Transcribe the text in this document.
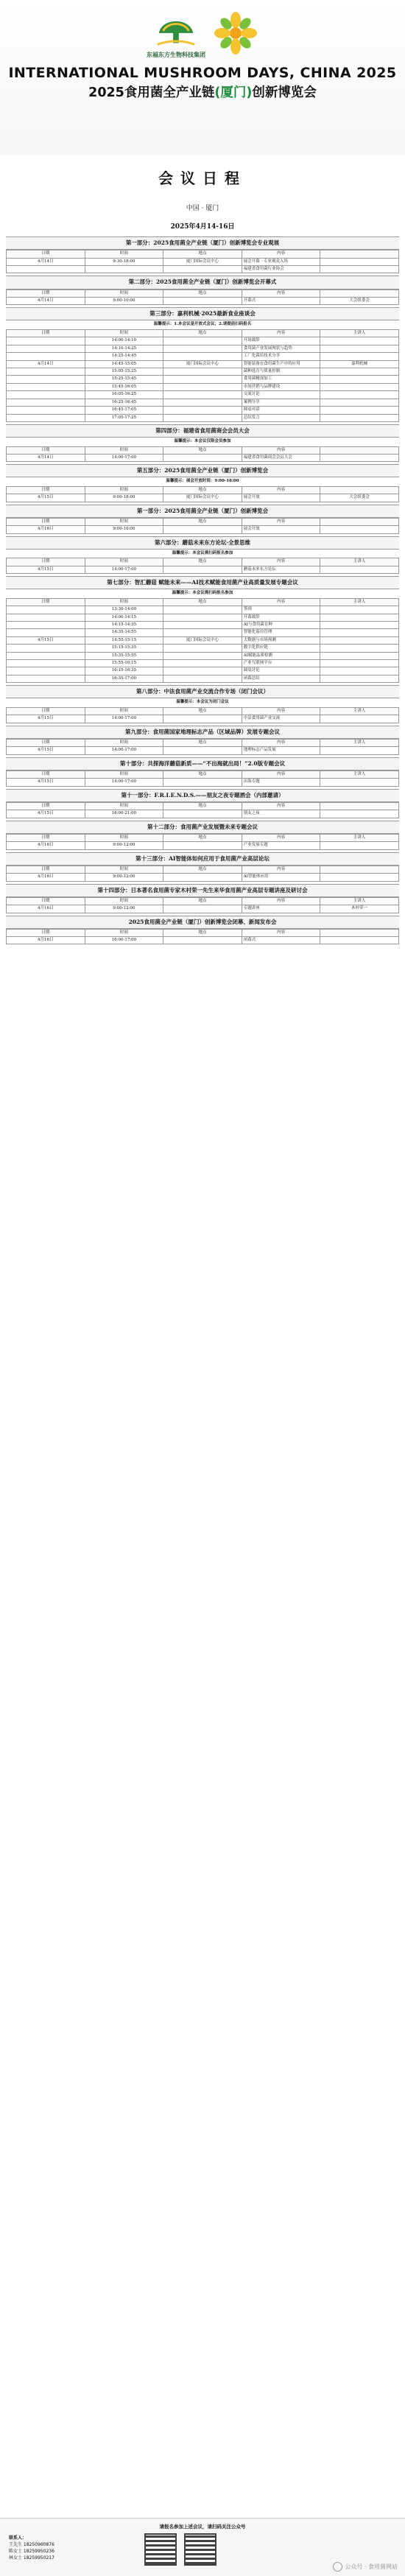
东福东方生物科技集团
INTERNATIONAL MUSHROOM DAYS, CHINA 2025
2025食用菌全产业链(厦门)创新博览会
会议日程
中国 · 厦门
2025年4月14-16日
第一部分：2025食用菌全产业链（厦门）创新博览会专业观展
日期	时间	地点	内容	
4月14日	9:30-18:00	厦门国际会议中心	展会开幕 · 专业观众入场	
			福建省食用菌行业协会	
第二部分：2025食用菌全产业链（厦门）创新博览会开幕式
日期	时间	地点	内容	
4月14日	9:00-10:00		开幕式	大会组委会
第三部分：嘉利机械·2025最新食业座谈会
温馨提示：1.本会议是开放式会议；2.请提前扫码报名
日期	时间	地点	内容	主讲人
	14:00-14:10		开场致辞	
	14:10-14:25		食用菌产业发展现状与趋势	
	14:25-14:45		工厂化栽培技术分享	
4月14日	14:45-15:05	厦门国际会议中心	智能装备在食用菌生产中的应用	嘉利机械
	15:05-15:25		菌种选育与质量控制	
	15:25-15:45		食用菌精深加工	
	15:45-16:05		市场营销与品牌建设	
	16:05-16:25		交流讨论	
	16:25-16:45		案例分享	
	16:45-17:05		圆桌对话	
	17:05-17:25		总结发言	
第四部分：福建省食用菌商会会员大会
温馨提示：本会议仅限会员参加
日期	时间	地点	内容	
4月14日	14:00-17:00		福建省食用菌商会会员大会	
第五部分：2025食用菌全产业链（厦门）创新博览会
温馨提示：展会开放时间：9:00-18:00
日期	时间	地点	内容	
4月15日	9:00-18:00	厦门国际会议中心	展会开放	大会组委会
第一部分：2025食用菌全产业链（厦门）创新博览会
日期	时间	地点	内容	
4月16日	9:00-16:00		展会开放	
第六部分：蘑菇未来东方论坛·全景思维
温馨提示：本会议需扫码报名参加
日期	时间	地点	内容	主讲人
4月15日	14:00-17:00		蘑菇未来东方论坛	
第七部分：智汇蘑菇 赋能未来——AI技术赋能食用菌产业高质量发展专题会议
温馨提示：本会议需扫码报名参加
日期	时间	地点	内容	主讲人
	13:30-14:00		签到	
	14:00-14:15		开幕致辞	
	14:15-14:35		AI与食用菌育种	
	14:35-14:55		智能化菇房管理	
4月15日	14:55-15:15	厦门国际会议中心	大数据与市场预测	
	15:15-15:35		数字化供应链	
	15:35-15:55		AI赋能品质检测	
	15:55-16:15		产业互联网平台	
	16:15-16:35		圆桌讨论	
	16:35-17:00		闭幕总结	
第八部分：中法食用菌产业交流合作专场（闭门会议）
温馨提示：本会议为闭门会议
日期	时间	地点	内容	主讲人
4月15日	14:00-17:00		中法食用菌产业交流	
第九部分：食用菌国家地理标志产品（区域品牌）发展专题会议
日期	时间	地点	内容	主讲人
4月15日	14:00-17:00		地理标志产品发展	
第十部分：共探海洋蘑菇新质——“不出海就出局！”2.0版专题会议
日期	时间	地点	内容	主讲人
4月15日	14:00-17:00		出海专题	
第十一部分：F.R.I.E.N.D.S.——朋友之夜专题酒会（内部邀请）
日期	时间	地点	内容	
4月15日	18:00-21:00		朋友之夜	
第十二部分：食用菌产业发展暨未来专题会议
日期	时间	地点	内容	主讲人
4月16日	9:00-12:00		产业发展专题	
第十三部分：AI智能体如何应用于食用菌产业高层论坛
日期	时间	地点	内容	
4月16日	9:00-12:00		AI智能体应用	
第十四部分：日本著名食用菌专家木村荣一先生来华食用菌产业高层专题讲座及研讨会
日期	时间	地点	内容	主讲人
4月16日	9:00-12:00		专题讲座	木村荣一
2025食用菌全产业链（厦门）创新博览会闭幕、新闻发布会
日期	时间	地点	内容	
4月16日	16:00-17:00		闭幕式	
请报名参加上述会议，请扫码关注公众号
联系人：
王先生 18250960876
陈女士 18259950236
林女士 18259950217
公众号 · 食用菌网站
